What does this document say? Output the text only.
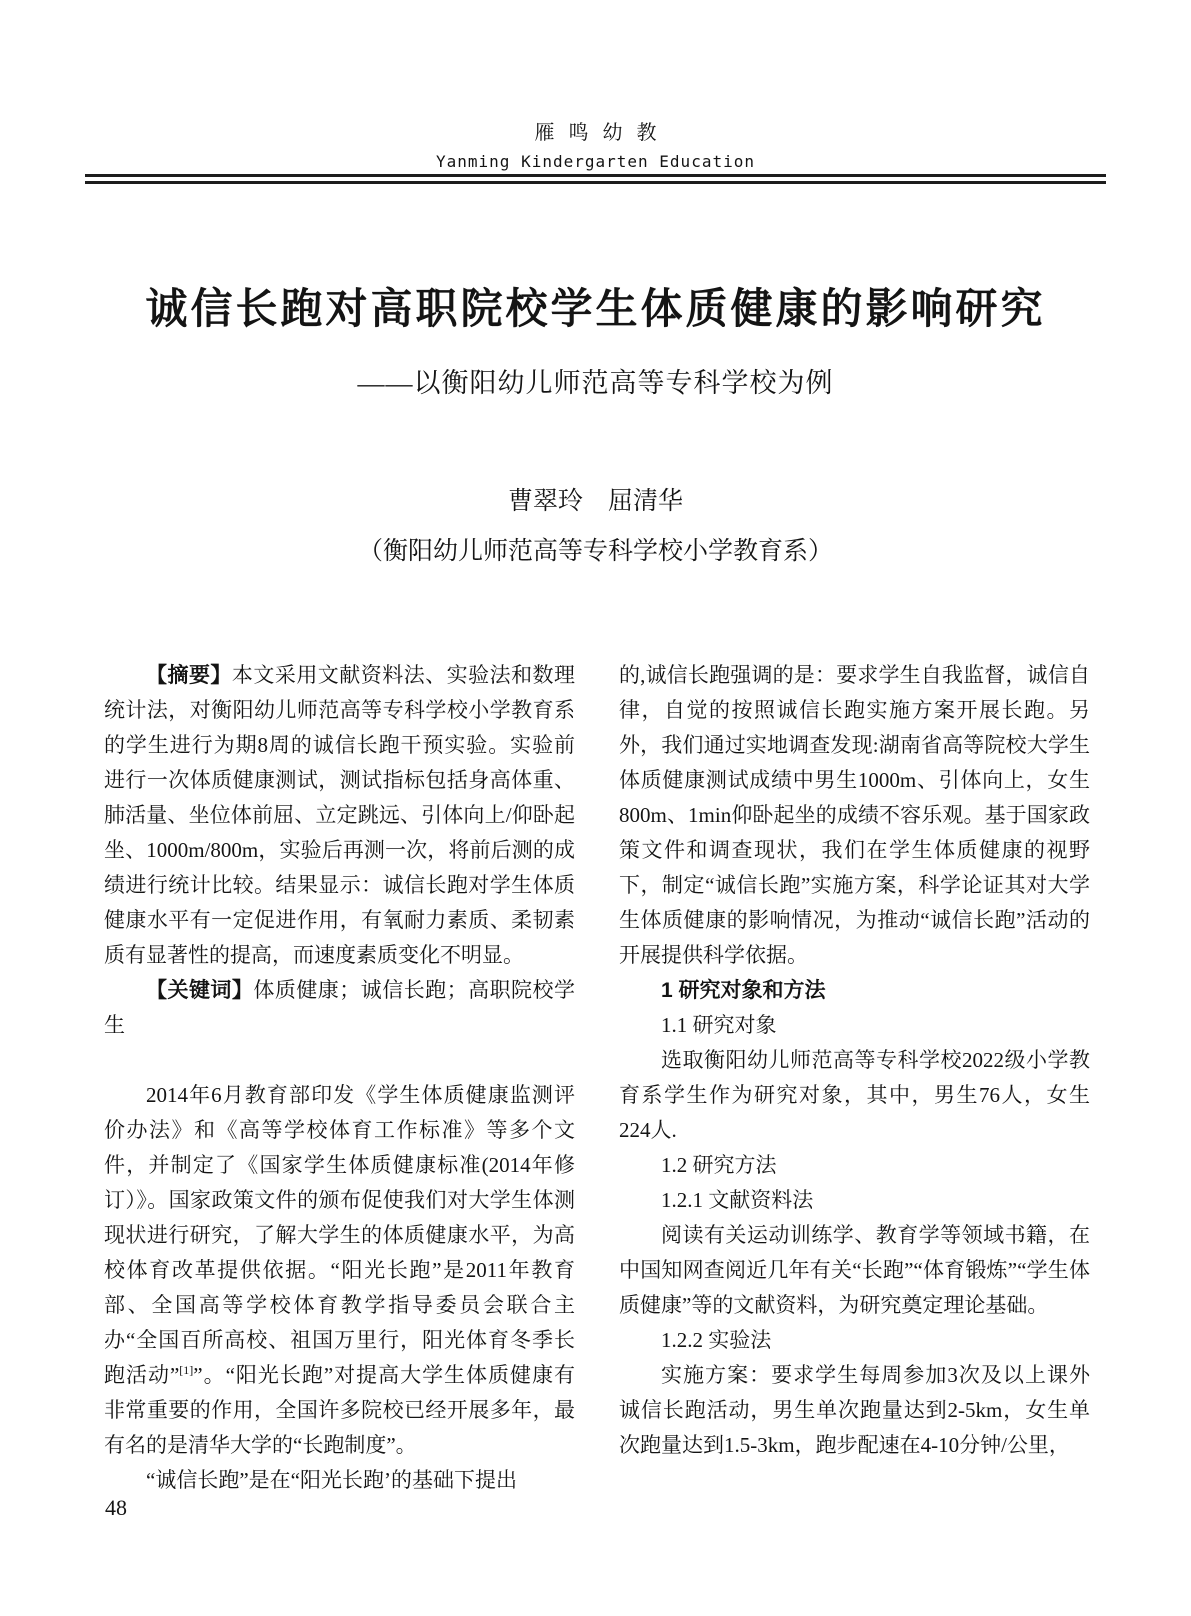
雁鸣幼教
Yanming Kindergarten Education
诚信长跑对高职院校学生体质健康的影响研究
——以衡阳幼儿师范高等专科学校为例
曹翠玲　屈清华
（衡阳幼儿师范高等专科学校小学教育系）

【摘要】本文采用文献资料法、实验法和数理统计法，对衡阳幼儿师范高等专科学校小学教育系的学生进行为期8周的诚信长跑干预实验。实验前进行一次体质健康测试，测试指标包括身高体重、肺活量、坐位体前屈、立定跳远、引体向上/仰卧起坐、1000m/800m，实验后再测一次，将前后测的成绩进行统计比较。结果显示：诚信长跑对学生体质健康水平有一定促进作用，有氧耐力素质、柔韧素质有显著性的提高，而速度素质变化不明显。

【关键词】体质健康；诚信长跑；高职院校学生

2014年6月教育部印发《学生体质健康监测评价办法》和《高等学校体育工作标准》等多个文件，并制定了《国家学生体质健康标准(2014年修订）》。国家政策文件的颁布促使我们对大学生体测现状进行研究，了解大学生的体质健康水平，为高校体育改革提供依据。“阳光长跑”是2011年教育部、全国高等学校体育教学指导委员会联合主办“全国百所高校、祖国万里行，阳光体育冬季长跑活动”[1]”。“阳光长跑”对提高大学生体质健康有非常重要的作用，全国许多院校已经开展多年，最有名的是清华大学的“长跑制度”。

“诚信长跑”是在“阳光长跑’的基础下提出

的,诚信长跑强调的是：要求学生自我监督，诚信自律，自觉的按照诚信长跑实施方案开展长跑。另外，我们通过实地调查发现:湖南省高等院校大学生体质健康测试成绩中男生1000m、引体向上，女生800m、1min仰卧起坐的成绩不容乐观。基于国家政策文件和调查现状，我们在学生体质健康的视野下，制定“诚信长跑”实施方案，科学论证其对大学生体质健康的影响情况，为推动“诚信长跑”活动的开展提供科学依据。

1 研究对象和方法
1.1 研究对象

选取衡阳幼儿师范高等专科学校2022级小学教育系学生作为研究对象，其中，男生76人，女生224人.

1.2 研究方法
1.2.1 文献资料法

阅读有关运动训练学、教育学等领域书籍，在中国知网查阅近几年有关“长跑”“体育锻炼”“学生体质健康”等的文献资料，为研究奠定理论基础。

1.2.2 实验法

实施方案：要求学生每周参加3次及以上课外诚信长跑活动，男生单次跑量达到2-5km，女生单次跑量达到1.5-3km，跑步配速在4-10分钟/公里，

48
